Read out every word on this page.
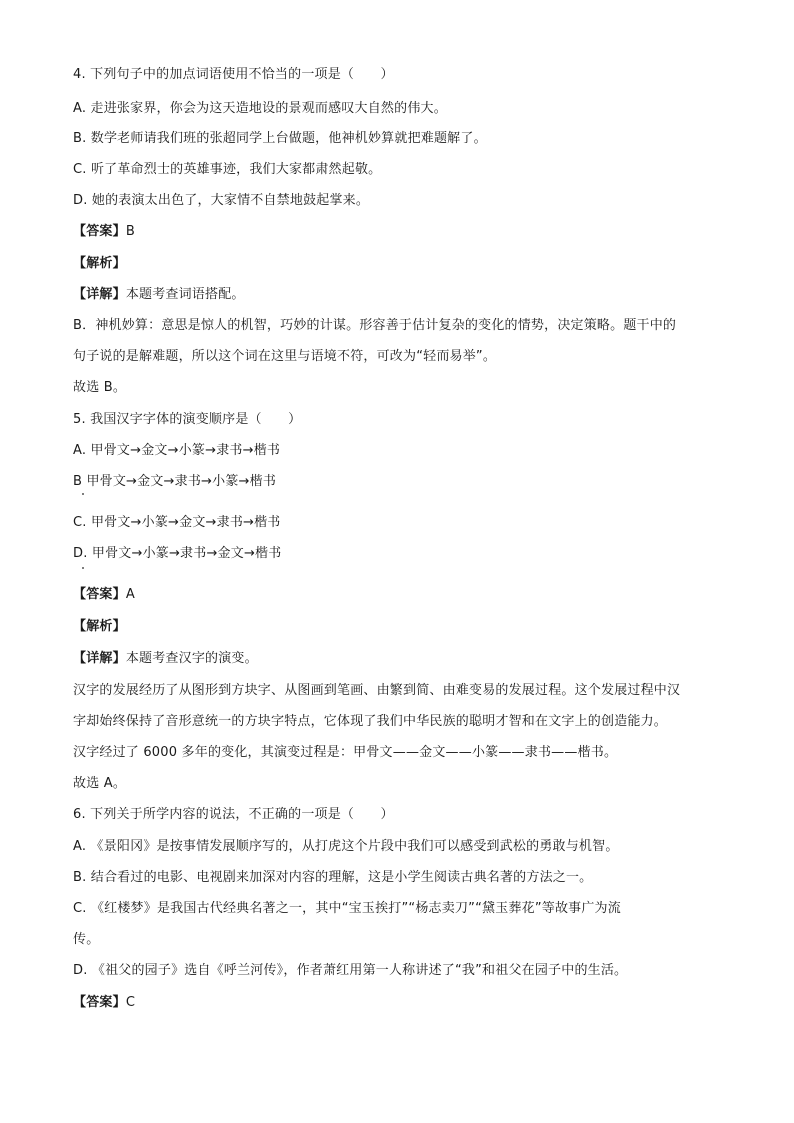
4. 下列句子中的加点词语使用不恰当的一项是（　　）
A. 走进张家界，你会为这天造地设的景观而感叹大自然的伟大。
B. 数学老师请我们班的张超同学上台做题，他神机妙算就把难题解了。
C. 听了革命烈士的英雄事迹，我们大家都肃然起敬。
D. 她的表演太出色了，大家情不自禁地鼓起掌来。
【答案】B
【解析】
【详解】本题考查词语搭配。
B．神机妙算：意思是惊人的机智，巧妙的计谋。形容善于估计复杂的变化的情势，决定策略。题干中的
句子说的是解难题，所以这个词在这里与语境不符，可改为“轻而易举”。
故选 B。
5. 我国汉字字体的演变顺序是（　　）
A. 甲骨文→金文→小篆→隶书→楷书
B 甲骨文→金文→隶书→小篆→楷书
C. 甲骨文→小篆→金文→隶书→楷书
D. 甲骨文→小篆→隶书→金文→楷书
【答案】A
【解析】
【详解】本题考查汉字的演变。
汉字的发展经历了从图形到方块字、从图画到笔画、由繁到简、由难变易的发展过程。这个发展过程中汉
字却始终保持了音形意统一的方块字特点，它体现了我们中华民族的聪明才智和在文字上的创造能力。
汉字经过了 6000 多年的变化，其演变过程是：甲骨文——金文——小篆——隶书——楷书。
故选 A。
6. 下列关于所学内容的说法，不正确的一项是（　　）
A. 《景阳冈》是按事情发展顺序写的，从打虎这个片段中我们可以感受到武松的勇敢与机智。
B. 结合看过的电影、电视剧来加深对内容的理解，这是小学生阅读古典名著的方法之一。
C. 《红楼梦》是我国古代经典名著之一，其中“宝玉挨打”“杨志卖刀”“黛玉葬花”等故事广为流
传。
D. 《祖父的园子》选自《呼兰河传》，作者萧红用第一人称讲述了“我”和祖父在园子中的生活。
【答案】C
